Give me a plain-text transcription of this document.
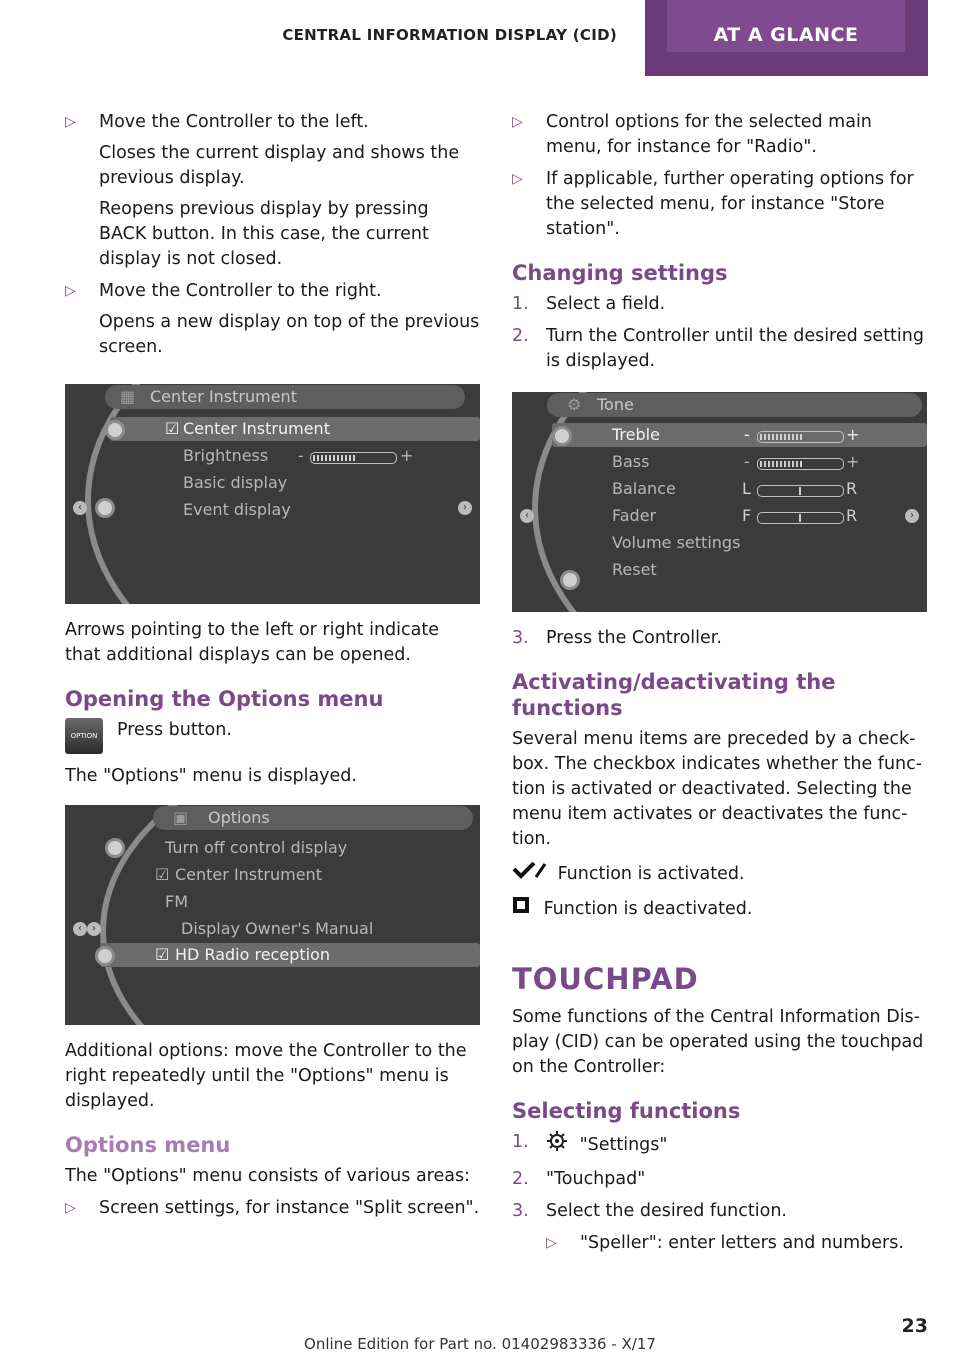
CENTRAL INFORMATION DISPLAY (CID)	AT A GLANCE
▷ Move the Controller to the left.
Closes the current display and shows the previous display.
Reopens previous display by pressing BACK button. In this case, the current display is not closed.
▷ Move the Controller to the right.
Opens a new display on top of the previous screen.
▦ Center Instrument
☑ Center Instrument
Brightness -	+
Basic display
Event display
‹	›

Arrows pointing to the left or right indicate that additional displays can be opened.

Opening the Options menu
OPTION	Press button.

The "Options" menu is displayed.

▣ Options
Turn off control display
☑ Center Instrument
FM
Display Owner's Manual
☑ HD Radio reception
‹	›

Additional options: move the Controller to the right repeatedly until the "Options" menu is displayed.

Options menu

The "Options" menu consists of various areas:

▷ Screen settings, for instance "Split screen".
▷ Control options for the selected main menu, for instance for "Radio".
▷ If applicable, further operating options for the selected menu, for instance "Store station".
Changing settings
1. Select a field.
2. Turn the Controller until the desired setting is displayed.
⚙ Tone
Treble	-	+
Bass	-	+
Balance	L	R
Fader	F	R
Volume settings
Reset
‹	›
3. Press the Controller.
Activating/deactivating the functions

Several menu items are preceded by a check-box. The checkbox indicates whether the func-tion is activated or deactivated. Selecting the menu item activates or deactivates the func-tion.

Function is activated.
Function is deactivated.
TOUCHPAD

Some functions of the Central Information Dis-play (CID) can be operated using the touchpad on the Controller:

Selecting functions
1.	"Settings"
2. "Touchpad"
3. Select the desired function.
▷ "Speller": enter letters and numbers.
23
Online Edition for Part no. 01402983336 - X/17
